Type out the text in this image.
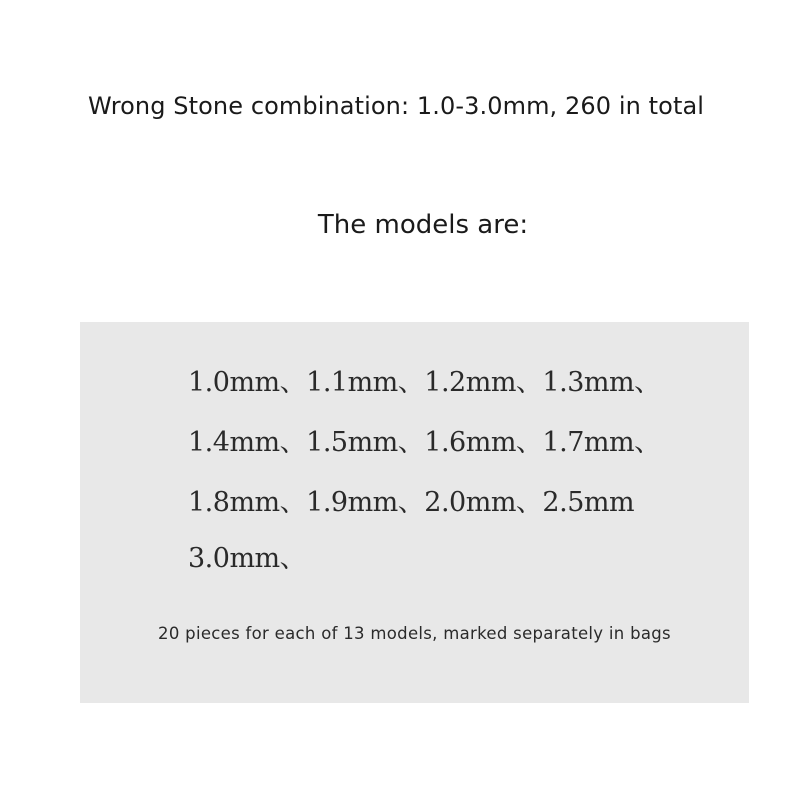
Wrong Stone combination: 1.0-3.0mm, 260 in total
The models are:
1.0mm、1.1mm、1.2mm、1.3mm、
1.4mm、1.5mm、1.6mm、1.7mm、
1.8mm、1.9mm、2.0mm、2.5mm
3.0mm、
20 pieces for each of 13 models, marked separately in bags
